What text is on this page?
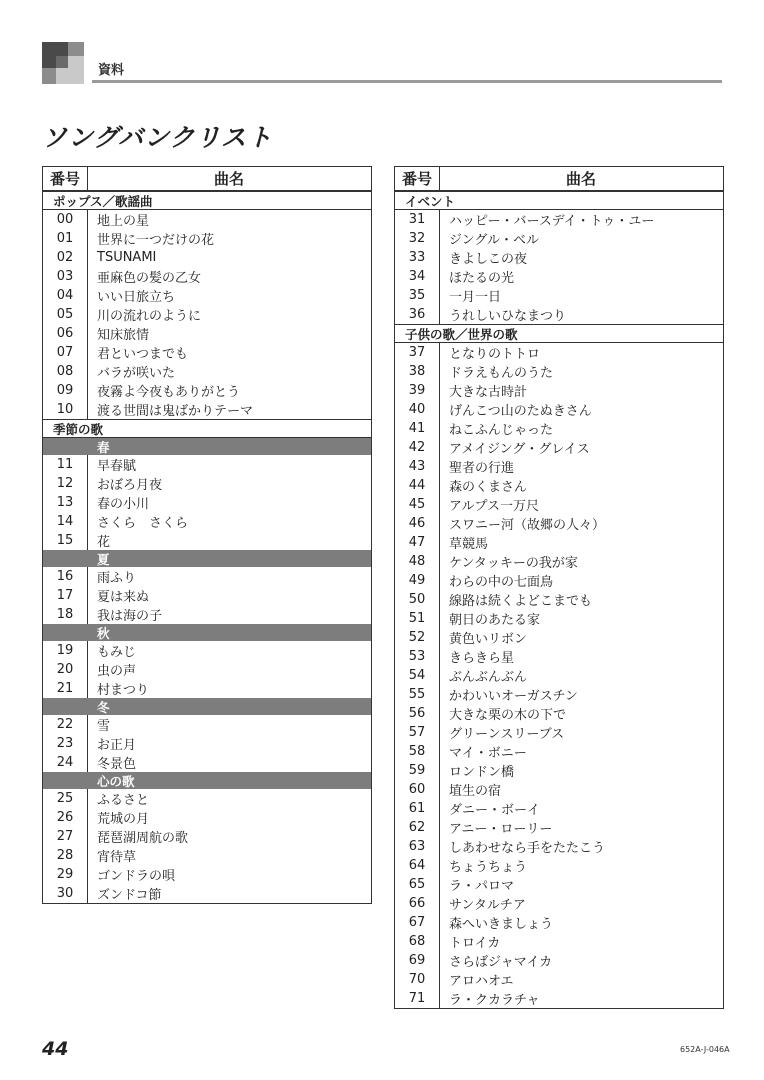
資料
ソングバンクリスト
番号	曲名
ポップス／歌謡曲
00	地上の星
01	世界に一つだけの花
02	TSUNAMI
03	亜麻色の髪の乙女
04	いい日旅立ち
05	川の流れのように
06	知床旅情
07	君といつまでも
08	バラが咲いた
09	夜霧よ今夜もありがとう
10	渡る世間は鬼ばかりテーマ
季節の歌
春
11	早春賦
12	おぼろ月夜
13	春の小川
14	さくら　さくら
15	花
夏
16	雨ふり
17	夏は来ぬ
18	我は海の子
秋
19	もみじ
20	虫の声
21	村まつり
冬
22	雪
23	お正月
24	冬景色
心の歌
25	ふるさと
26	荒城の月
27	琵琶湖周航の歌
28	宵待草
29	ゴンドラの唄
30	ズンドコ節
番号	曲名
イベント
31	ハッピー・バースデイ・トゥ・ユー
32	ジングル・ベル
33	きよしこの夜
34	ほたるの光
35	一月一日
36	うれしいひなまつり
子供の歌／世界の歌
37	となりのトトロ
38	ドラえもんのうた
39	大きな古時計
40	げんこつ山のたぬきさん
41	ねこふんじゃった
42	アメイジング・グレイス
43	聖者の行進
44	森のくまさん
45	アルプス一万尺
46	スワニー河（故郷の人々）
47	草競馬
48	ケンタッキーの我が家
49	わらの中の七面鳥
50	線路は続くよどこまでも
51	朝日のあたる家
52	黄色いリボン
53	きらきら星
54	ぶんぶんぶん
55	かわいいオーガスチン
56	大きな栗の木の下で
57	グリーンスリーブス
58	マイ・ボニー
59	ロンドン橋
60	埴生の宿
61	ダニー・ボーイ
62	アニー・ローリー
63	しあわせなら手をたたこう
64	ちょうちょう
65	ラ・パロマ
66	サンタルチア
67	森へいきましょう
68	トロイカ
69	さらばジャマイカ
70	アロハオエ
71	ラ・クカラチャ
44	652A-J-046A
